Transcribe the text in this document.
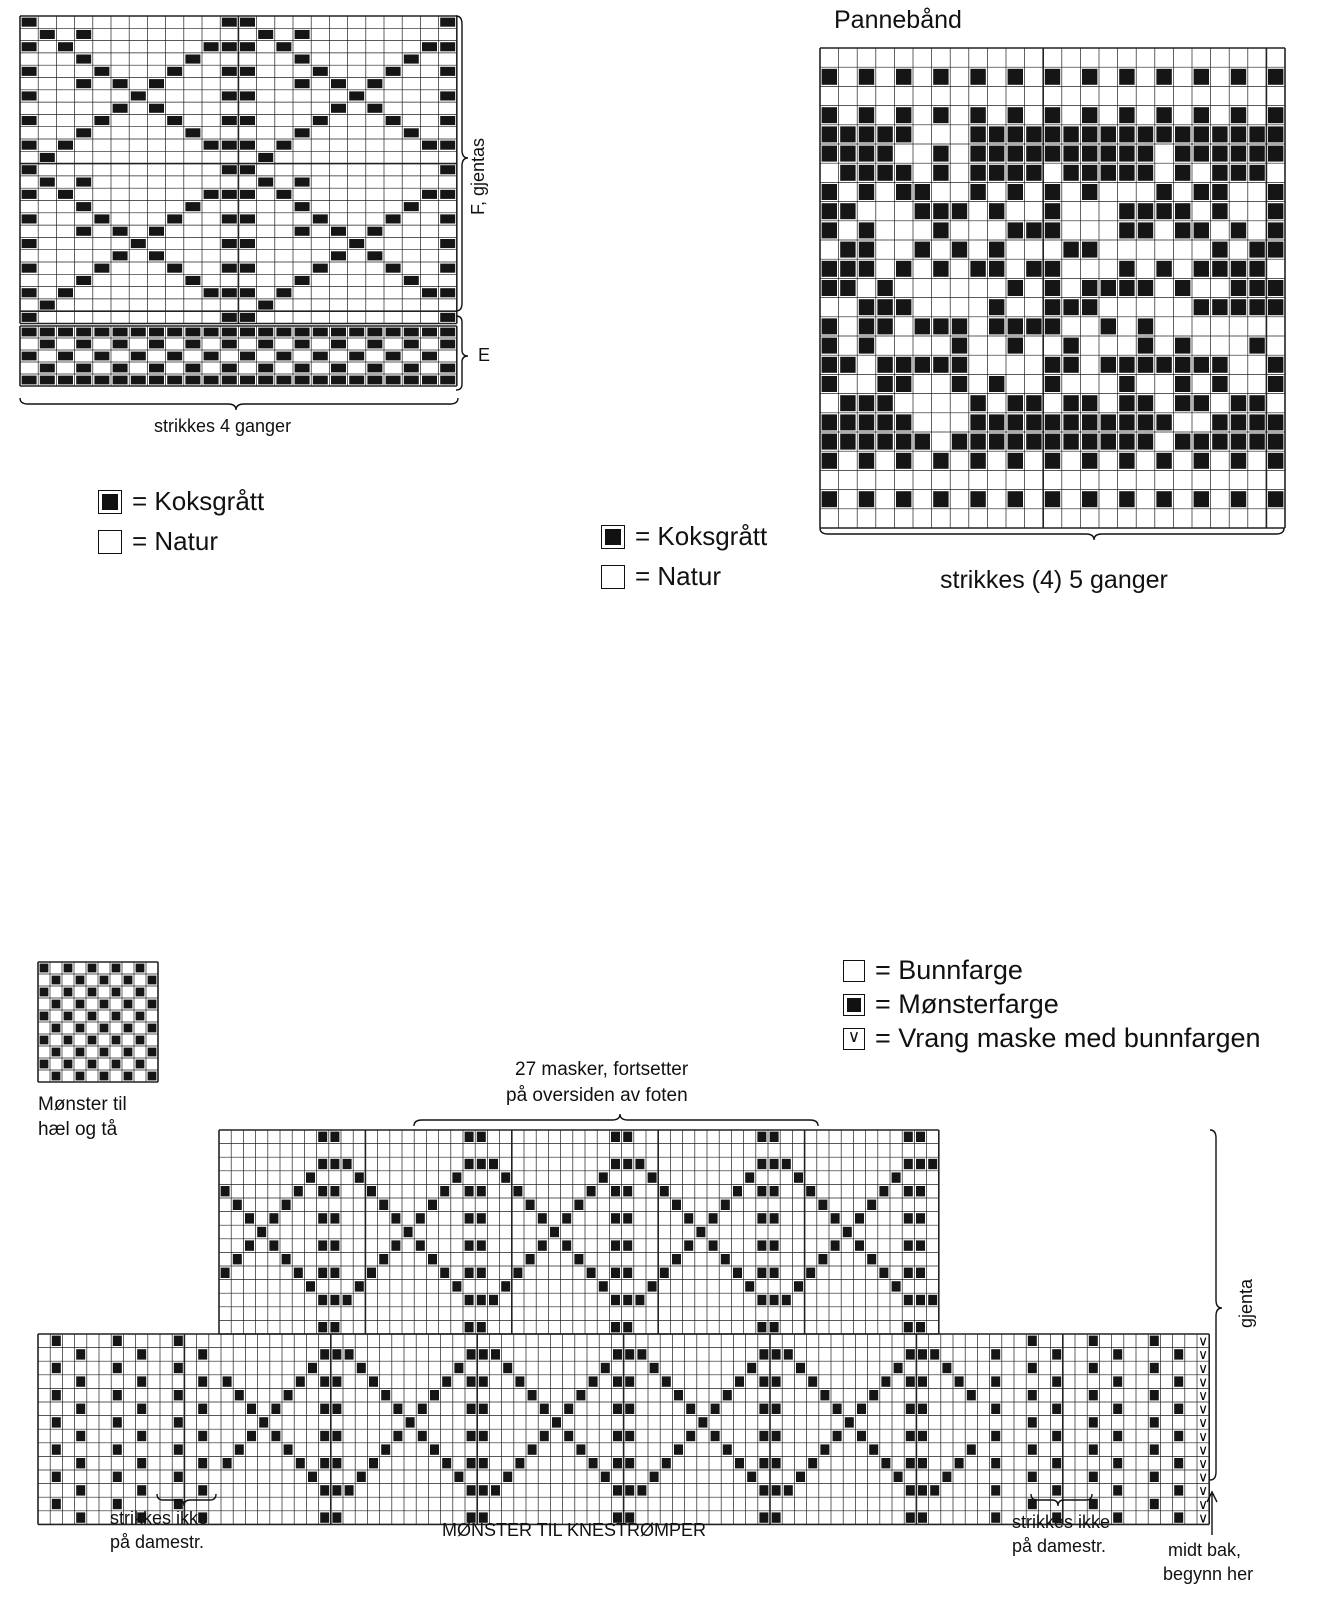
∨
∨
∨
∨
∨
∨
∨
∨
∨
∨
∨
∨
∨
∨
F, gjentas
E
strikkes 4 ganger
= Koksgrått
= Natur
Pannebånd
strikkes (4) 5 ganger
= Koksgrått
= Natur
Mønster til
hæl og tå
= Bunnfarge
= Mønsterfarge
∨
= Vrang maske med bunnfargen
27 masker, fortsetter
på oversiden av foten
gjenta
strikkes ikke
på damestr.
MØNSTER TIL KNESTRØMPER	strikkes ikke
på damestr.	midt bak,
begynn her
